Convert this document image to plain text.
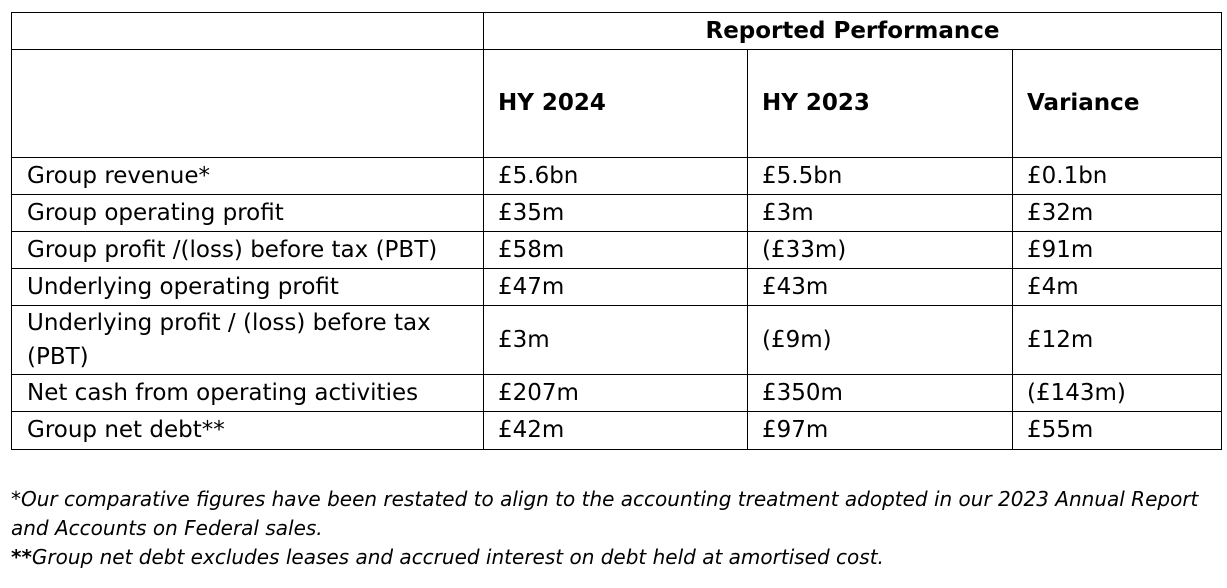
	Reported Performance		
	HY 2024	HY 2023	Variance
Group revenue*	£5.6bn	£5.5bn	£0.1bn
Group operating profit	£35m	£3m	£32m
Group profit /(loss) before tax (PBT)	£58m	(£33m)	£91m
Underlying operating profit	£47m	£43m	£4m
Underlying profit / (loss) before tax (PBT)	£3m	(£9m)	£12m
Net cash from operating activities	£207m	£350m	(£143m)
Group net debt**	£42m	£97m	£55m

*Our comparative figures have been restated to align to the accounting treatment adopted in our 2023 Annual Report and Accounts on Federal sales.

**Group net debt excludes leases and accrued interest on debt held at amortised cost.
